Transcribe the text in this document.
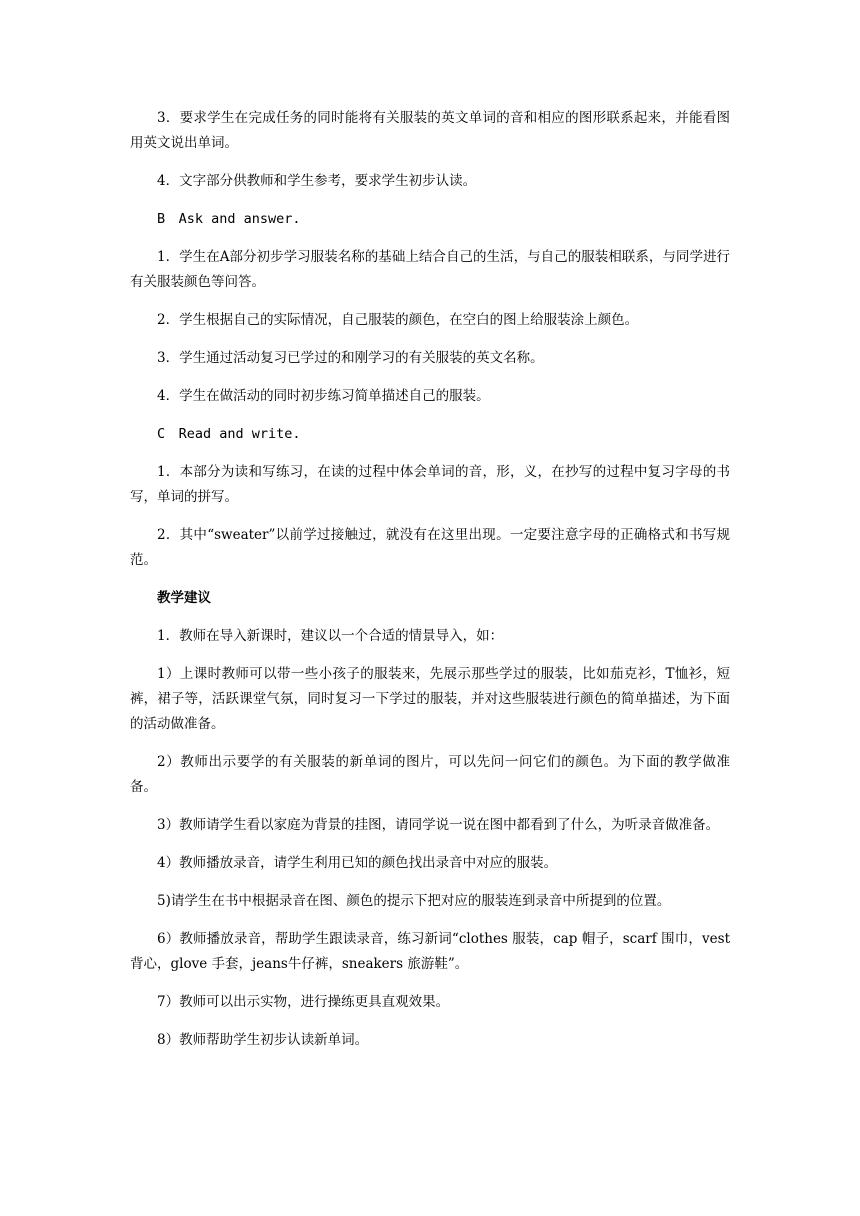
3．要求学生在完成任务的同时能将有关服装的英文单词的音和相应的图形联系起来，并能看图用英文说出单词。

4．文字部分供教师和学生参考，要求学生初步认读。

B　Ask and answer.

1．学生在A部分初步学习服装名称的基础上结合自己的生活，与自己的服装相联系，与同学进行有关服装颜色等问答。

2．学生根据自己的实际情况，自己服装的颜色，在空白的图上给服装涂上颜色。

3．学生通过活动复习已学过的和刚学习的有关服装的英文名称。

4．学生在做活动的同时初步练习简单描述自己的服装。

C　Read and write.

1．本部分为读和写练习，在读的过程中体会单词的音，形，义，在抄写的过程中复习字母的书写，单词的拼写。

2．其中“sweater”以前学过接触过，就没有在这里出现。一定要注意字母的正确格式和书写规范。

教学建议

1．教师在导入新课时，建议以一个合适的情景导入，如：

1）上课时教师可以带一些小孩子的服装来，先展示那些学过的服装，比如茄克衫，T恤衫，短裤，裙子等，活跃课堂气氛，同时复习一下学过的服装，并对这些服装进行颜色的简单描述，为下面的活动做准备。

2）教师出示要学的有关服装的新单词的图片，可以先问一问它们的颜色。为下面的教学做准备。

3）教师请学生看以家庭为背景的挂图，请同学说一说在图中都看到了什么，为听录音做准备。

4）教师播放录音，请学生利用已知的颜色找出录音中对应的服装。

5)请学生在书中根据录音在图、颜色的提示下把对应的服装连到录音中所提到的位置。

6）教师播放录音，帮助学生跟读录音，练习新词“clothes 服装，cap 帽子，scarf 围巾，vest背心，glove 手套，jeans牛仔裤，sneakers 旅游鞋”。

7）教师可以出示实物，进行操练更具直观效果。

8）教师帮助学生初步认读新单词。
